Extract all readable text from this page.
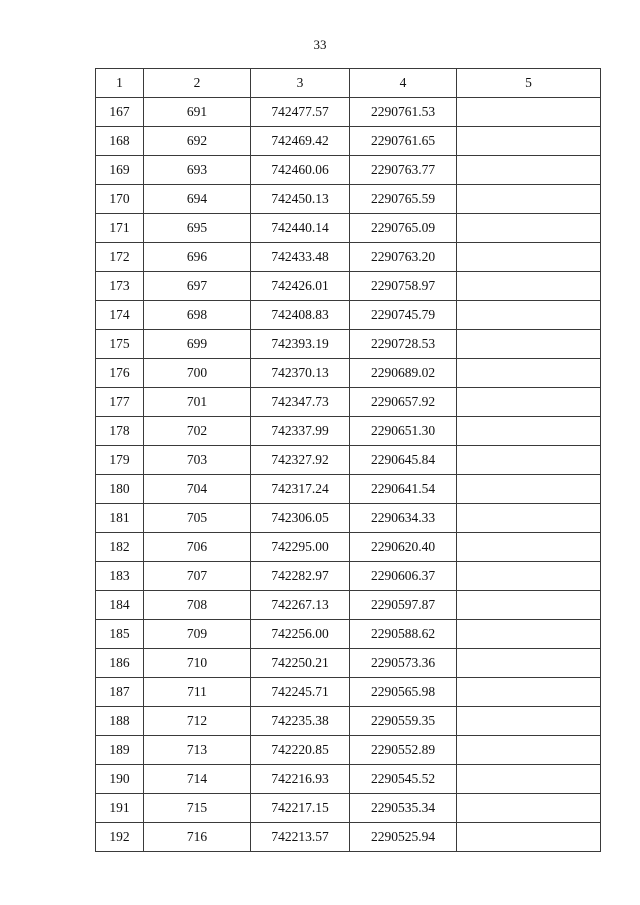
33
1	2	3	4	5
167	691	742477.57	2290761.53	
168	692	742469.42	2290761.65	
169	693	742460.06	2290763.77	
170	694	742450.13	2290765.59	
171	695	742440.14	2290765.09	
172	696	742433.48	2290763.20	
173	697	742426.01	2290758.97	
174	698	742408.83	2290745.79	
175	699	742393.19	2290728.53	
176	700	742370.13	2290689.02	
177	701	742347.73	2290657.92	
178	702	742337.99	2290651.30	
179	703	742327.92	2290645.84	
180	704	742317.24	2290641.54	
181	705	742306.05	2290634.33	
182	706	742295.00	2290620.40	
183	707	742282.97	2290606.37	
184	708	742267.13	2290597.87	
185	709	742256.00	2290588.62	
186	710	742250.21	2290573.36	
187	711	742245.71	2290565.98	
188	712	742235.38	2290559.35	
189	713	742220.85	2290552.89	
190	714	742216.93	2290545.52	
191	715	742217.15	2290535.34	
192	716	742213.57	2290525.94	
